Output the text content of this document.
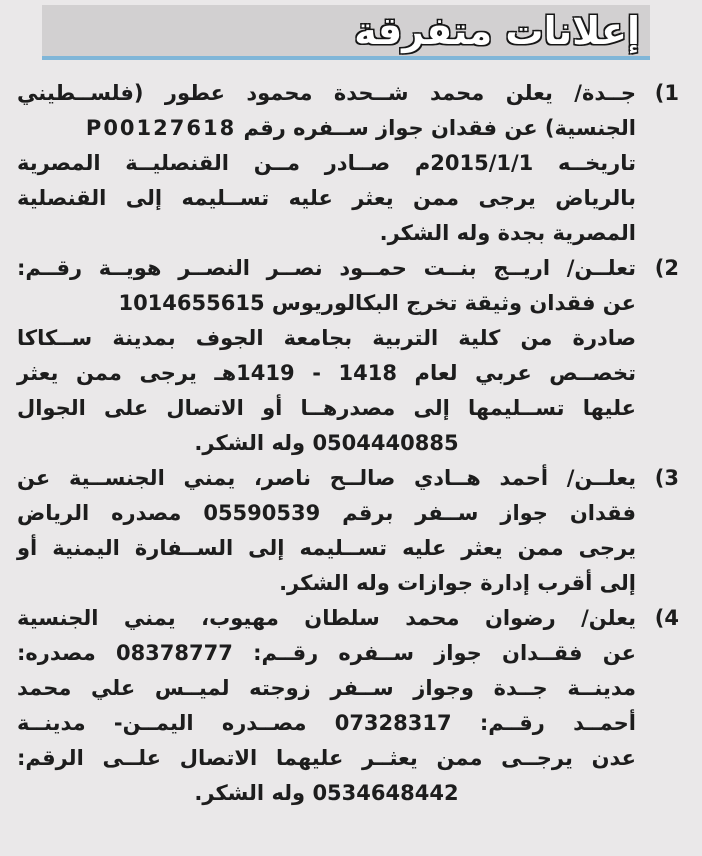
إعلانات متفرقة
1)
جــدة/ يعلن محمد شــحدة محمود عطور (فلســطيني
الجنسية) عن فقدان جواز ســفره رقم P00127618
تاريخــه 2015/1/1م صــادر مــن القنصليــة المصرية
بالرياض يرجى ممن يعثر عليه تســليمه إلى القنصلية
المصرية بجدة وله الشكر.
2)
تعلــن/ اريــج بنــت حمــود نصــر النصــر هويــة رقــم:
عن فقدان وثيقة تخرج البكالوريوس 1014655615
صادرة من كلية التربية بجامعة الجوف بمدينة ســكاكا
تخصــص عربي لعام 1418 - 1419هـ يرجى ممن يعثر
عليها تســليمها إلى مصدرهــا أو الاتصال على الجوال
0504440885 وله الشكر.
3)
يعلــن/ أحمد هــادي صالــح ناصر، يمني الجنســية عن
فقدان جواز ســفر برقم 05590539 مصدره الرياض
يرجى ممن يعثر عليه تســليمه إلى الســفارة اليمنية أو
إلى أقرب إدارة جوازات وله الشكر.
4)
يعلن/ رضوان محمد سلطان مهيوب، يمني الجنسية
عن فقــدان جواز ســفره رقــم: 08378777 مصدره:
مدينــة جــدة وجواز ســفر زوجته لميــس علي محمد
أحمــد رقــم: 07328317 مصــدره اليمــن- مدينــة
عدن يرجــى ممن يعثــر عليهما الاتصال علــى الرقم:
0534648442 وله الشكر.
